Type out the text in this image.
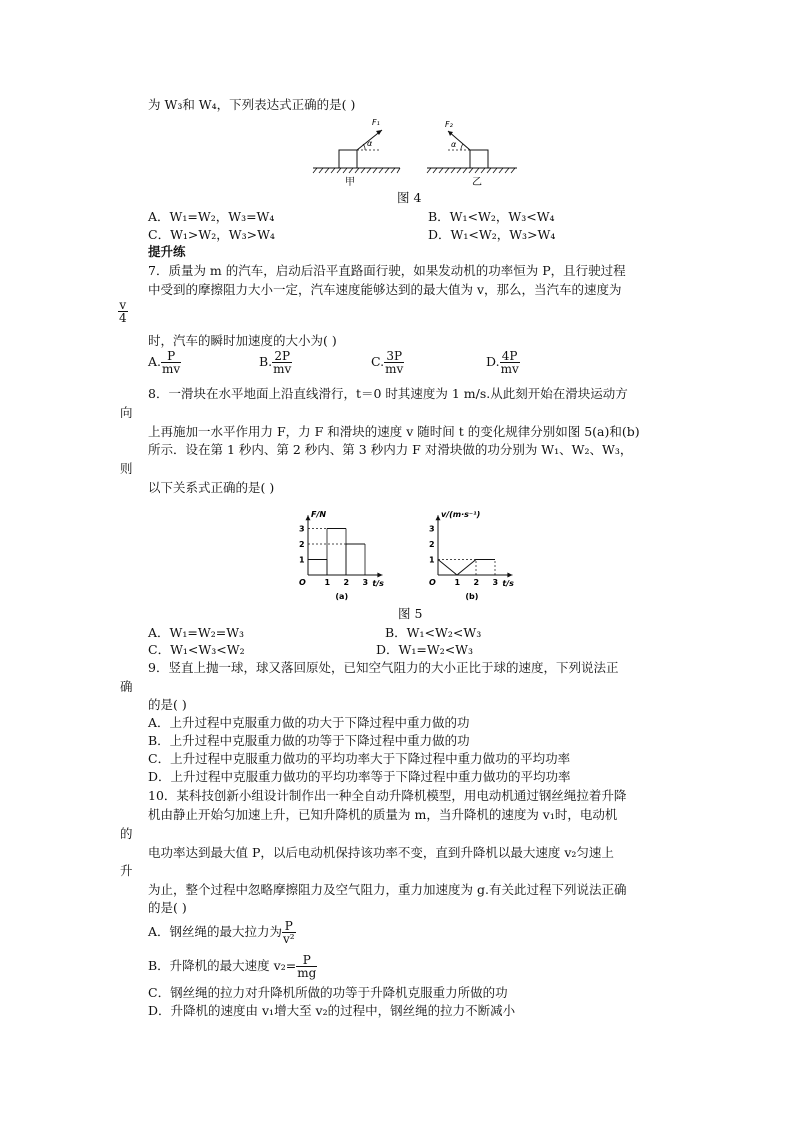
为 W₃和 W₄，下列表达式正确的是( )
α
F₁
甲
α
F₂
乙
图 4
A．W₁=W₂，W₃=W₄	B．W₁<W₂，W₃<W₄
C．W₁>W₂，W₃>W₄	D．W₁<W₂，W₃>W₄
提升练
7．质量为 m 的汽车，启动后沿平直路面行驶，如果发动机的功率恒为 P，且行驶过程
中受到的摩擦阻力大小一定，汽车速度能够达到的最大值为 v，那么，当汽车的速度为
$\frac{v}{4}$
时，汽车的瞬时加速度的大小为( )
A. $\frac{P}{mv}$	B. $\frac{2P}{mv}$	C. $\frac{3P}{mv}$	D. $\frac{4P}{mv}$
8．一滑块在水平地面上沿直线滑行，t＝0 时其速度为 1 m/s.从此刻开始在滑块运动方
向
上再施加一水平作用力 F，力 F 和滑块的速度 v 随时间 t 的变化规律分别如图 5(a)和(b)
所示．设在第 1 秒内、第 2 秒内、第 3 秒内力 F 对滑块做的功分别为 W₁、W₂、W₃，
则
以下关系式正确的是( )
F/N
t/s
O 1 2 3
1
2
3
(a)
v/(m·s⁻¹)
t/s
O 1 2 3
1
2
3
(b)
图 5
A．W₁=W₂=W₃	B．W₁<W₂<W₃
C．W₁<W₃<W₂	D．W₁=W₂<W₃
9．竖直上抛一球，球又落回原处，已知空气阻力的大小正比于球的速度，下列说法正
确
的是( )
A．上升过程中克服重力做的功大于下降过程中重力做的功
B．上升过程中克服重力做的功等于下降过程中重力做的功
C．上升过程中克服重力做功的平均功率大于下降过程中重力做功的平均功率
D．上升过程中克服重力做功的平均功率等于下降过程中重力做功的平均功率
10．某科技创新小组设计制作出一种全自动升降机模型，用电动机通过钢丝绳拉着升降
机由静止开始匀加速上升，已知升降机的质量为 m，当升降机的速度为 v₁时，电动机
的
电功率达到最大值 P，以后电动机保持该功率不变，直到升降机以最大速度 v₂匀速上
升
为止，整个过程中忽略摩擦阻力及空气阻力，重力加速度为 g.有关此过程下列说法正确
的是( )
A．钢丝绳的最大拉力为 $\frac{P}{\text{v²}}$
B．升降机的最大速度 $v_2= \frac{P}{mg}$
C．钢丝绳的拉力对升降机所做的功等于升降机克服重力所做的功
D．升降机的速度由 v₁增大至 v₂的过程中，钢丝绳的拉力不断减小
